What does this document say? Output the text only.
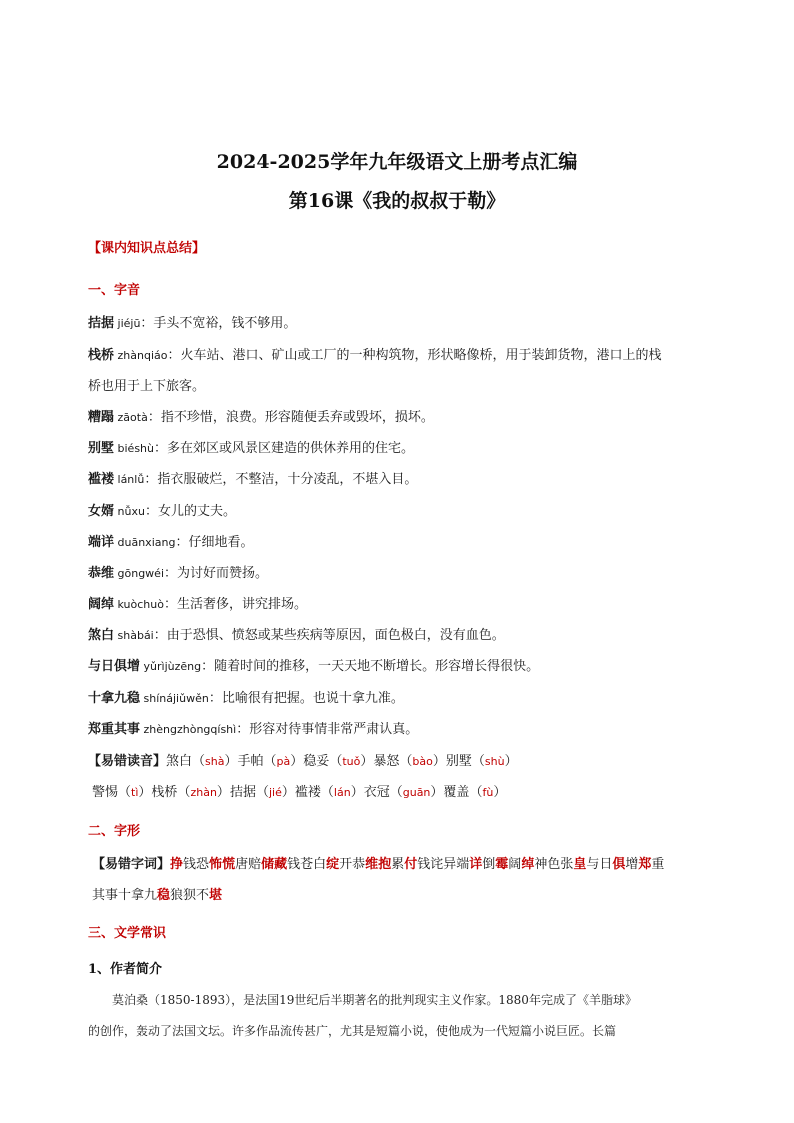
2024-2025学年九年级语文上册考点汇编
第16课《我的叔叔于勒》
【课内知识点总结】
一、字音
拮据 jiéjū：手头不宽裕，钱不够用。
栈桥 zhànqiáo：火车站、港口、矿山或工厂的一种构筑物，形状略像桥，用于装卸货物，港口上的栈
桥也用于上下旅客。
糟蹋 zāotà：指不珍惜，浪费。形容随便丢弃或毁坏，损坏。
别墅 biéshù：多在郊区或风景区建造的供休养用的住宅。
褴褛 lánlǚ：指衣服破烂，不整洁，十分凌乱，不堪入目。
女婿 nǚxu：女儿的丈夫。
端详 duānxiang：仔细地看。
恭维 gōngwéi：为讨好而赞扬。
阔绰 kuòchuò：生活奢侈，讲究排场。
煞白 shàbái：由于恐惧、愤怒或某些疾病等原因，面色极白，没有血色。
与日俱增 yǔrìjùzēng：随着时间的推移，一天天地不断增长。形容增长得很快。
十拿九稳 shínájiǔwěn：比喻很有把握。也说十拿九准。
郑重其事 zhèngzhòngqíshì：形容对待事情非常严肃认真。
【易错读音】煞白（shà）手帕（pà）稳妥（tuǒ）暴怒（bào）别墅（shù）
警惕（tì）栈桥（zhàn）拮据（jié）褴褛（lán）衣冠（guān）覆盖（fù）
二、字形
【易错字词】挣钱恐怖慌唐赔储藏钱苍白绽开恭维抱累付钱诧异端详倒霉阔绰神色张皇与日俱增郑重
其事十拿九稳狼狈不堪
三、文学常识
1、作者简介
莫泊桑（1850-1893），是法国19世纪后半期著名的批判现实主义作家。1880年完成了《羊脂球》
的创作，轰动了法国文坛。许多作品流传甚广，尤其是短篇小说，使他成为一代短篇小说巨匠。长篇
